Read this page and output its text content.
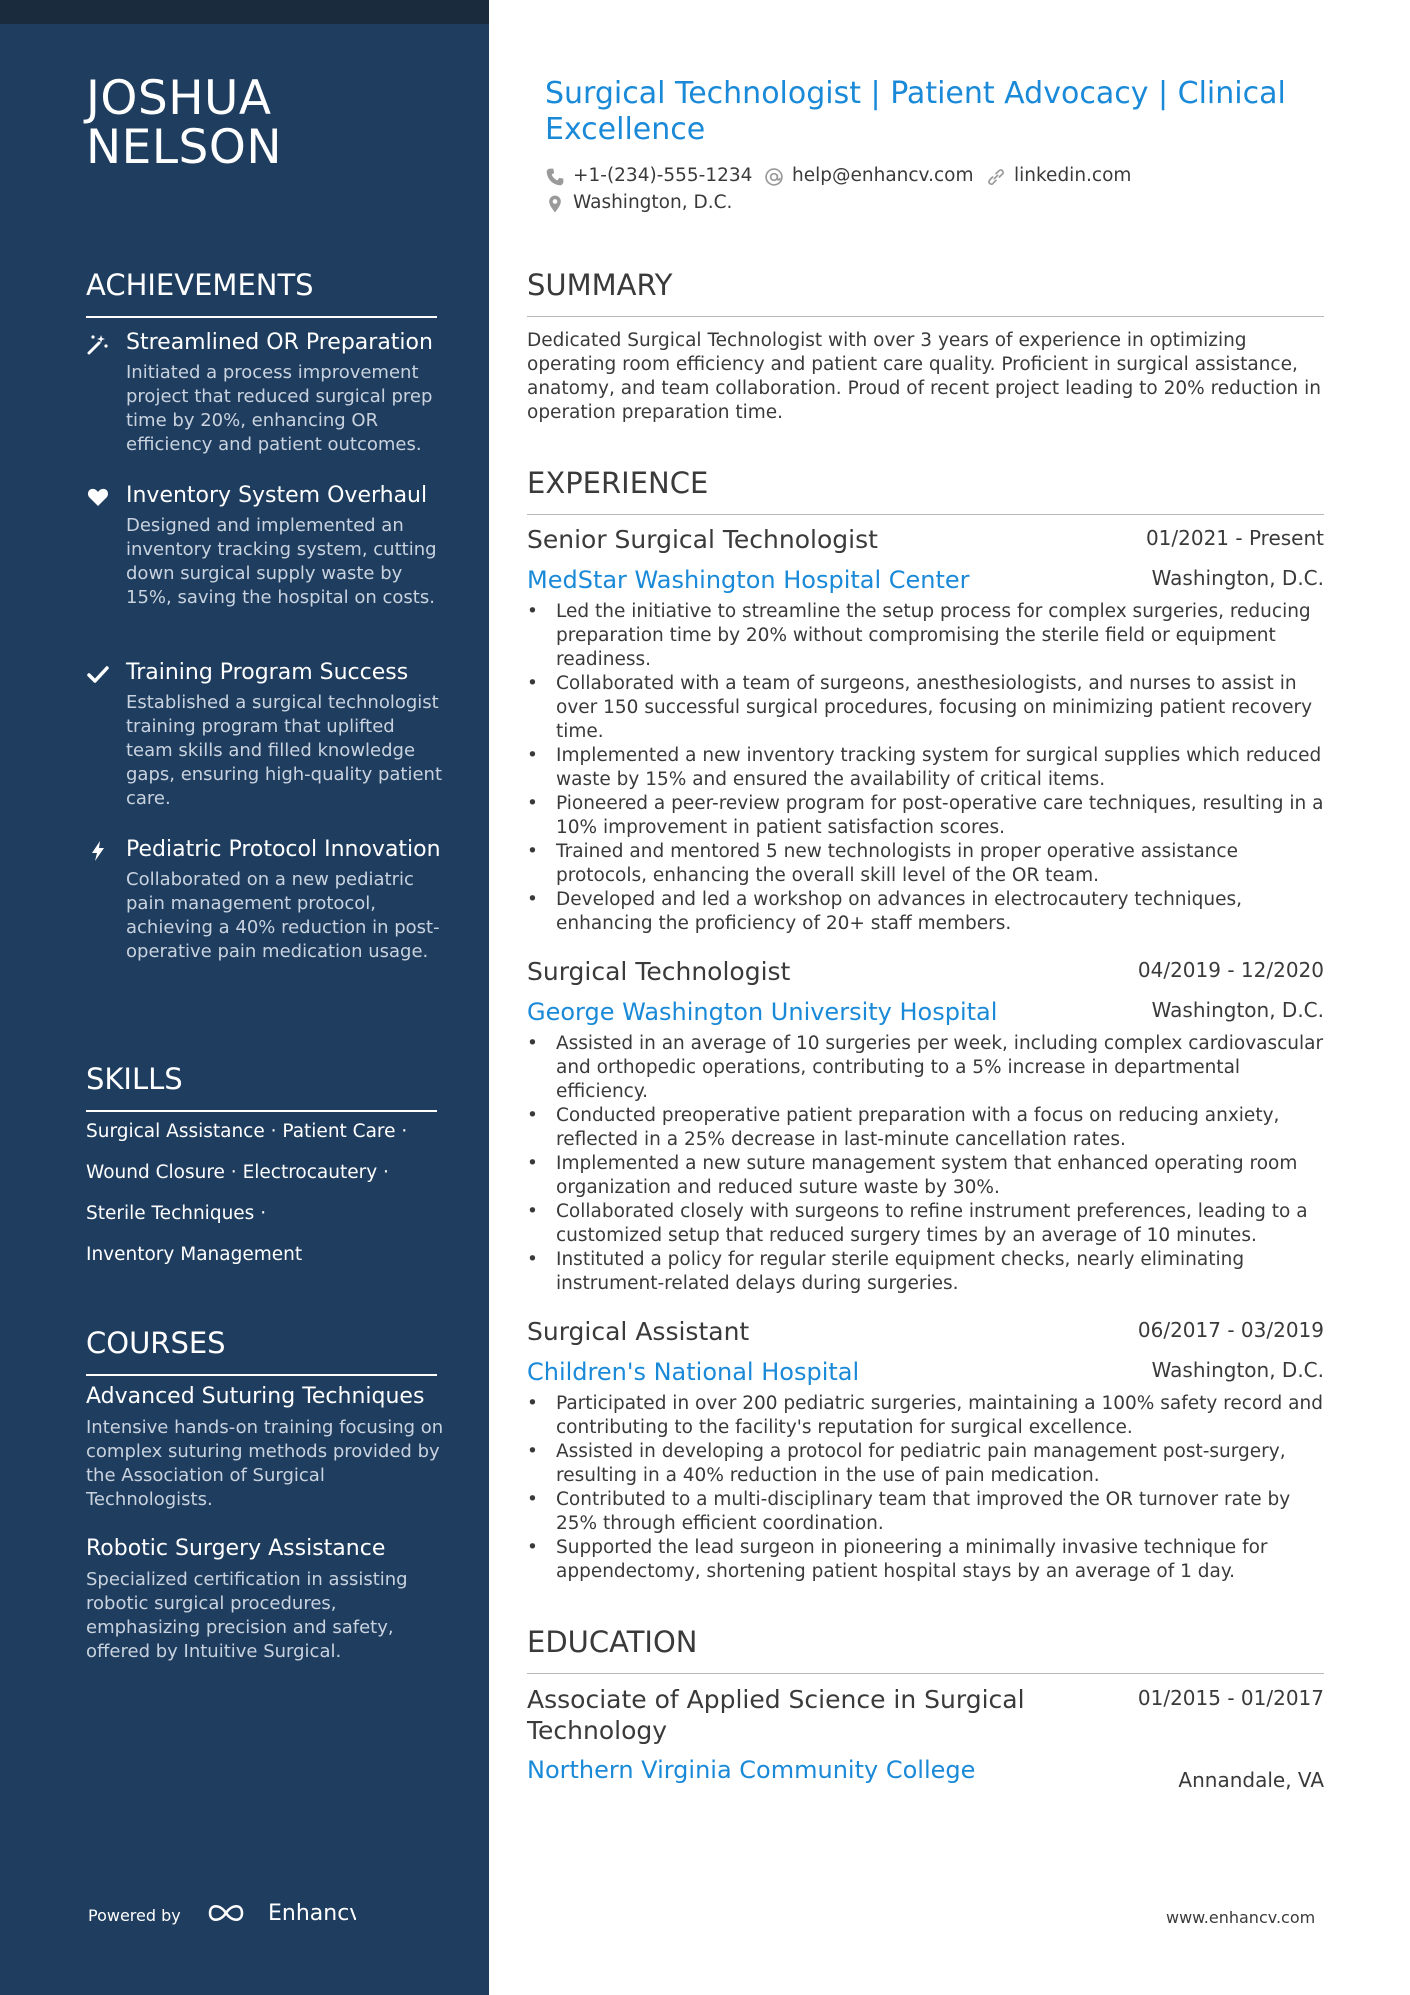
JOSHUA NELSON
ACHIEVEMENTS
Streamlined OR Preparation
Initiated a process improvement project that reduced surgical prep time by 20%, enhancing OR efficiency and patient outcomes.
Inventory System Overhaul
Designed and implemented an inventory tracking system, cutting down surgical supply waste by 15%, saving the hospital on costs.
Training Program Success
Established a surgical technologist training program that uplifted team skills and filled knowledge gaps, ensuring high-quality patient care.
Pediatric Protocol Innovation
Collaborated on a new pediatric pain management protocol, achieving a 40% reduction in post-operative pain medication usage.
SKILLS
Surgical Assistance · Patient Care ·
Wound Closure · Electrocautery ·
Sterile Techniques ·
Inventory Management
COURSES
Advanced Suturing Techniques
Intensive hands-on training focusing on complex suturing methods provided by the Association of Surgical Technologists.
Robotic Surgery Assistance
Specialized certification in assisting robotic surgical procedures, emphasizing precision and safety, offered by Intuitive Surgical.
Powered by	Enhancv
Surgical Technologist | Patient Advocacy | Clinical Excellence
+1-(234)-555-1234	help@enhancv.com	linkedin.com
Washington, D.C.
SUMMARY
Dedicated Surgical Technologist with over 3 years of experience in optimizing operating room efficiency and patient care quality. Proficient in surgical assistance, anatomy, and team collaboration. Proud of recent project leading to 20% reduction in operation preparation time.
EXPERIENCE
Senior Surgical Technologist	01/2021 - Present
MedStar Washington Hospital Center	Washington, D.C.
• Led the initiative to streamline the setup process for complex surgeries, reducing preparation time by 20% without compromising the sterile field or equipment readiness.
• Collaborated with a team of surgeons, anesthesiologists, and nurses to assist in over 150 successful surgical procedures, focusing on minimizing patient recovery time.
• Implemented a new inventory tracking system for surgical supplies which reduced waste by 15% and ensured the availability of critical items.
• Pioneered a peer-review program for post-operative care techniques, resulting in a 10% improvement in patient satisfaction scores.
• Trained and mentored 5 new technologists in proper operative assistance protocols, enhancing the overall skill level of the OR team.
• Developed and led a workshop on advances in electrocautery techniques, enhancing the proficiency of 20+ staff members.
Surgical Technologist	04/2019 - 12/2020
George Washington University Hospital	Washington, D.C.
• Assisted in an average of 10 surgeries per week, including complex cardiovascular and orthopedic operations, contributing to a 5% increase in departmental efficiency.
• Conducted preoperative patient preparation with a focus on reducing anxiety, reflected in a 25% decrease in last-minute cancellation rates.
• Implemented a new suture management system that enhanced operating room organization and reduced suture waste by 30%.
• Collaborated closely with surgeons to refine instrument preferences, leading to a customized setup that reduced surgery times by an average of 10 minutes.
• Instituted a policy for regular sterile equipment checks, nearly eliminating instrument-related delays during surgeries.
Surgical Assistant	06/2017 - 03/2019
Children's National Hospital	Washington, D.C.
• Participated in over 200 pediatric surgeries, maintaining a 100% safety record and contributing to the facility's reputation for surgical excellence.
• Assisted in developing a protocol for pediatric pain management post-surgery, resulting in a 40% reduction in the use of pain medication.
• Contributed to a multi-disciplinary team that improved the OR turnover rate by 25% through efficient coordination.
• Supported the lead surgeon in pioneering a minimally invasive technique for appendectomy, shortening patient hospital stays by an average of 1 day.
EDUCATION
Associate of Applied Science in Surgical Technology
01/2015 - 01/2017
Northern Virginia Community College	Annandale, VA
www.enhancv.com
